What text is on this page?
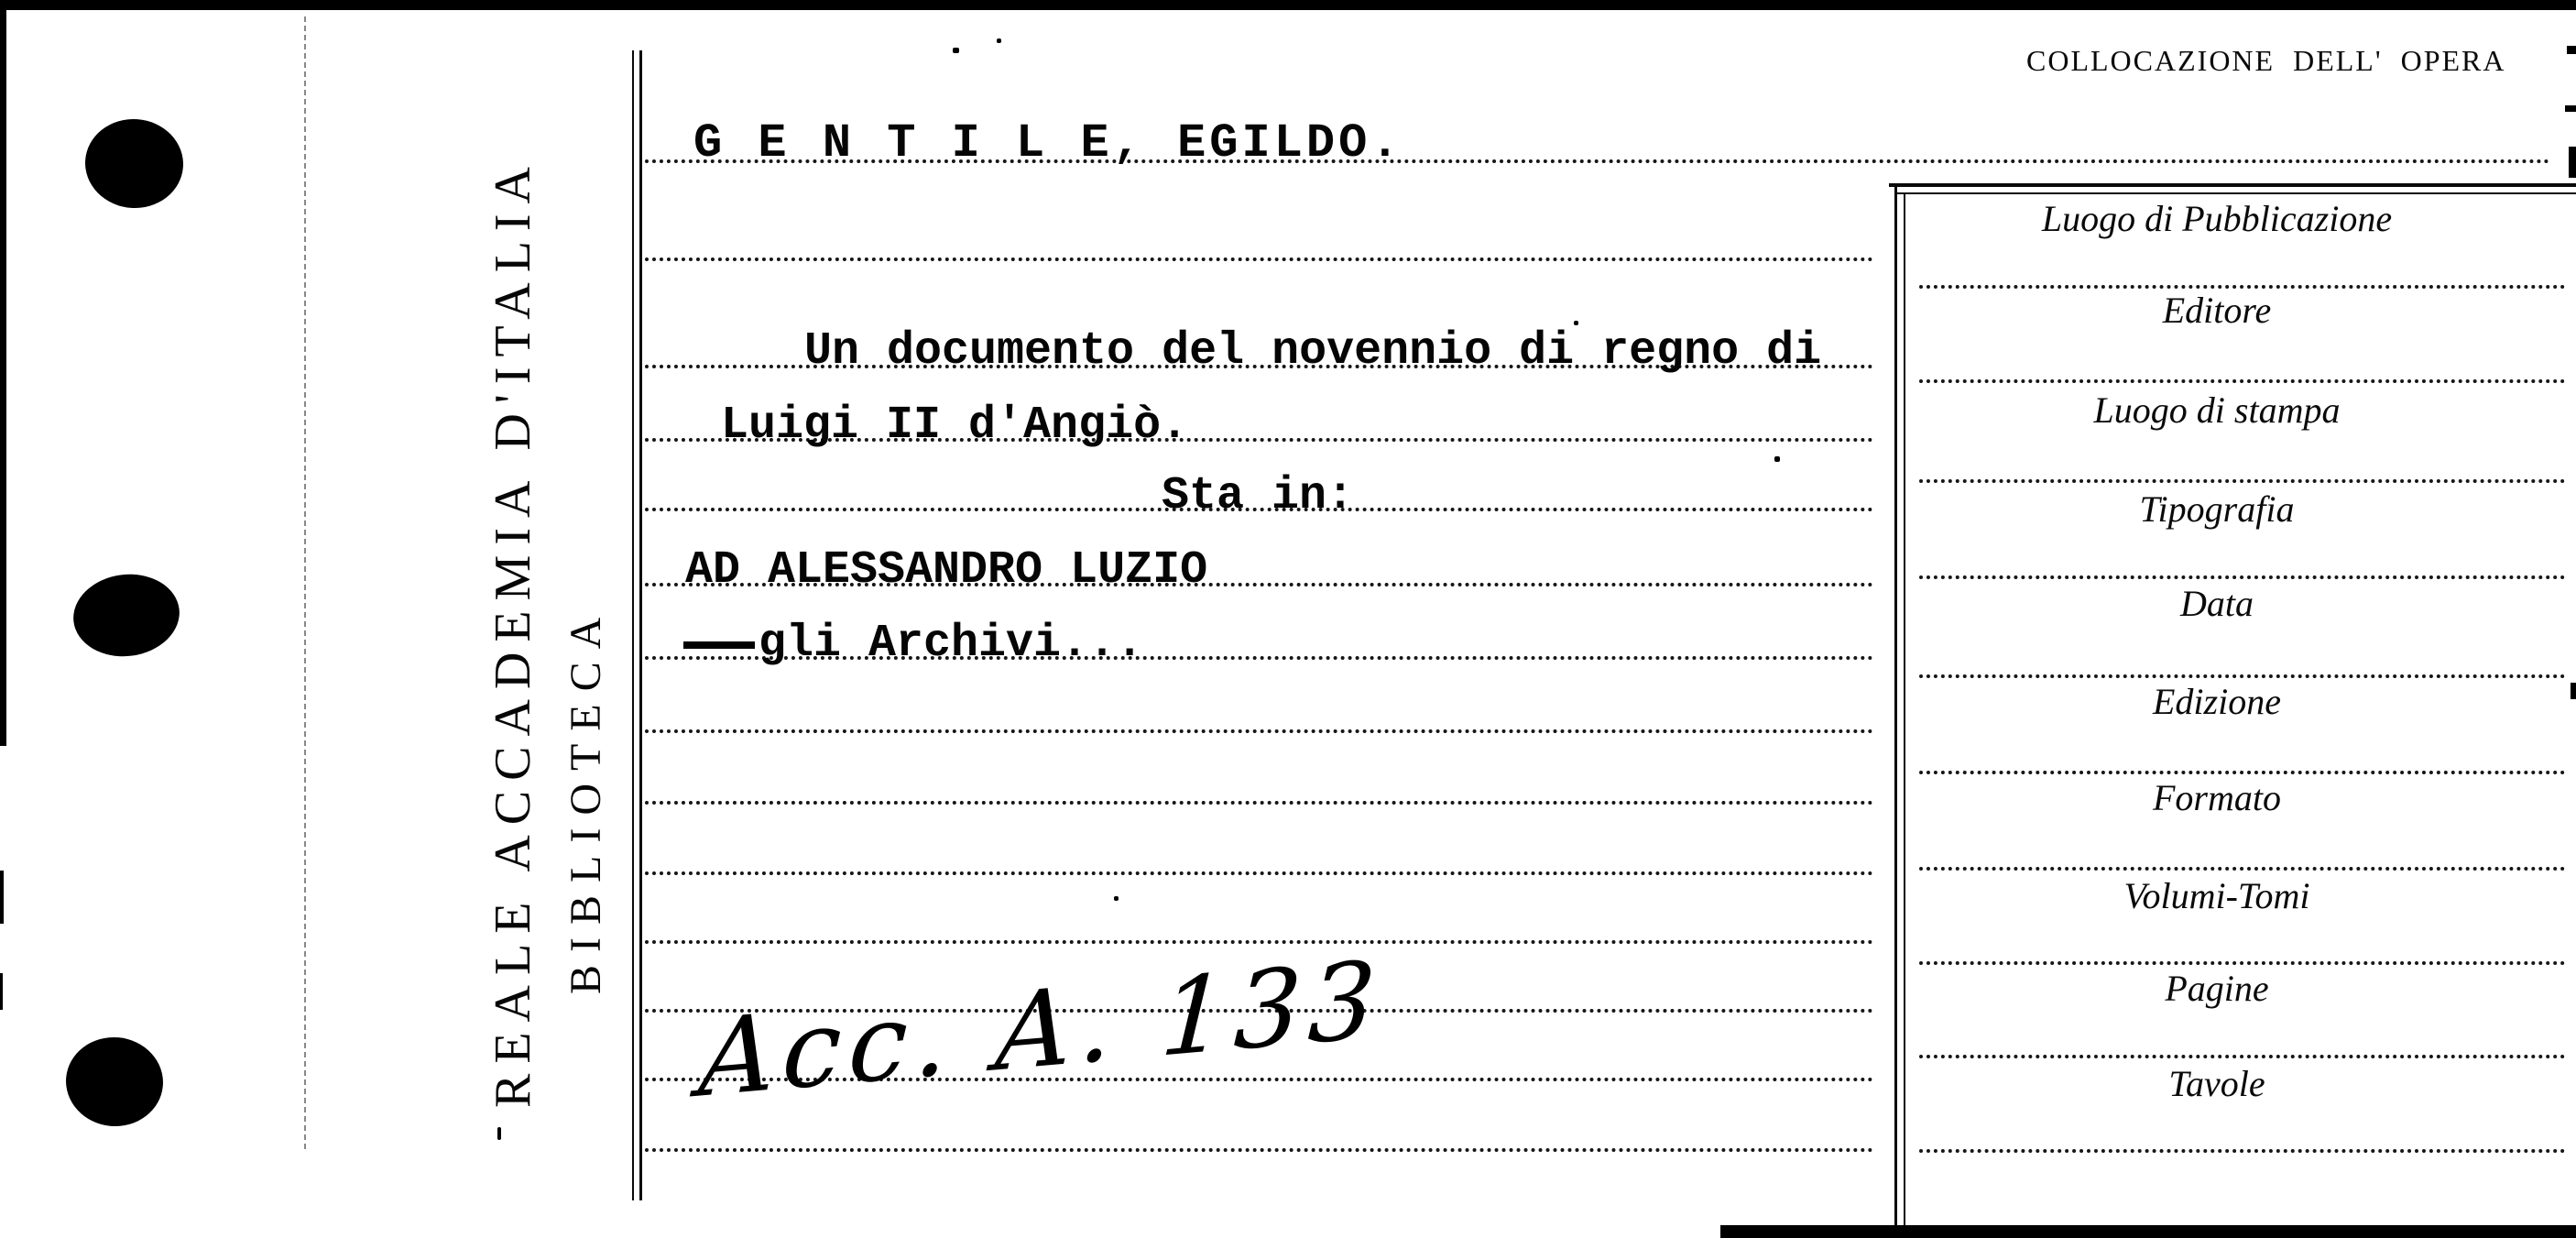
REALE ACCADEMIA D'ITALIA BIBLIOTECA
COLLOCAZIONE DELL' OPERA
G E N T I L E, EGILDO.
Un documento del novennio di regno di
Luigi II d'Angiò.
Sta in:
AD ALESSANDRO LUZIO
gli Archivi...
Acc. A. 133
Luogo di Pubblicazione
Editore
Luogo di stampa
Tipografia
Data
Edizione
Formato
Volumi-Tomi
Pagine
Tavole
